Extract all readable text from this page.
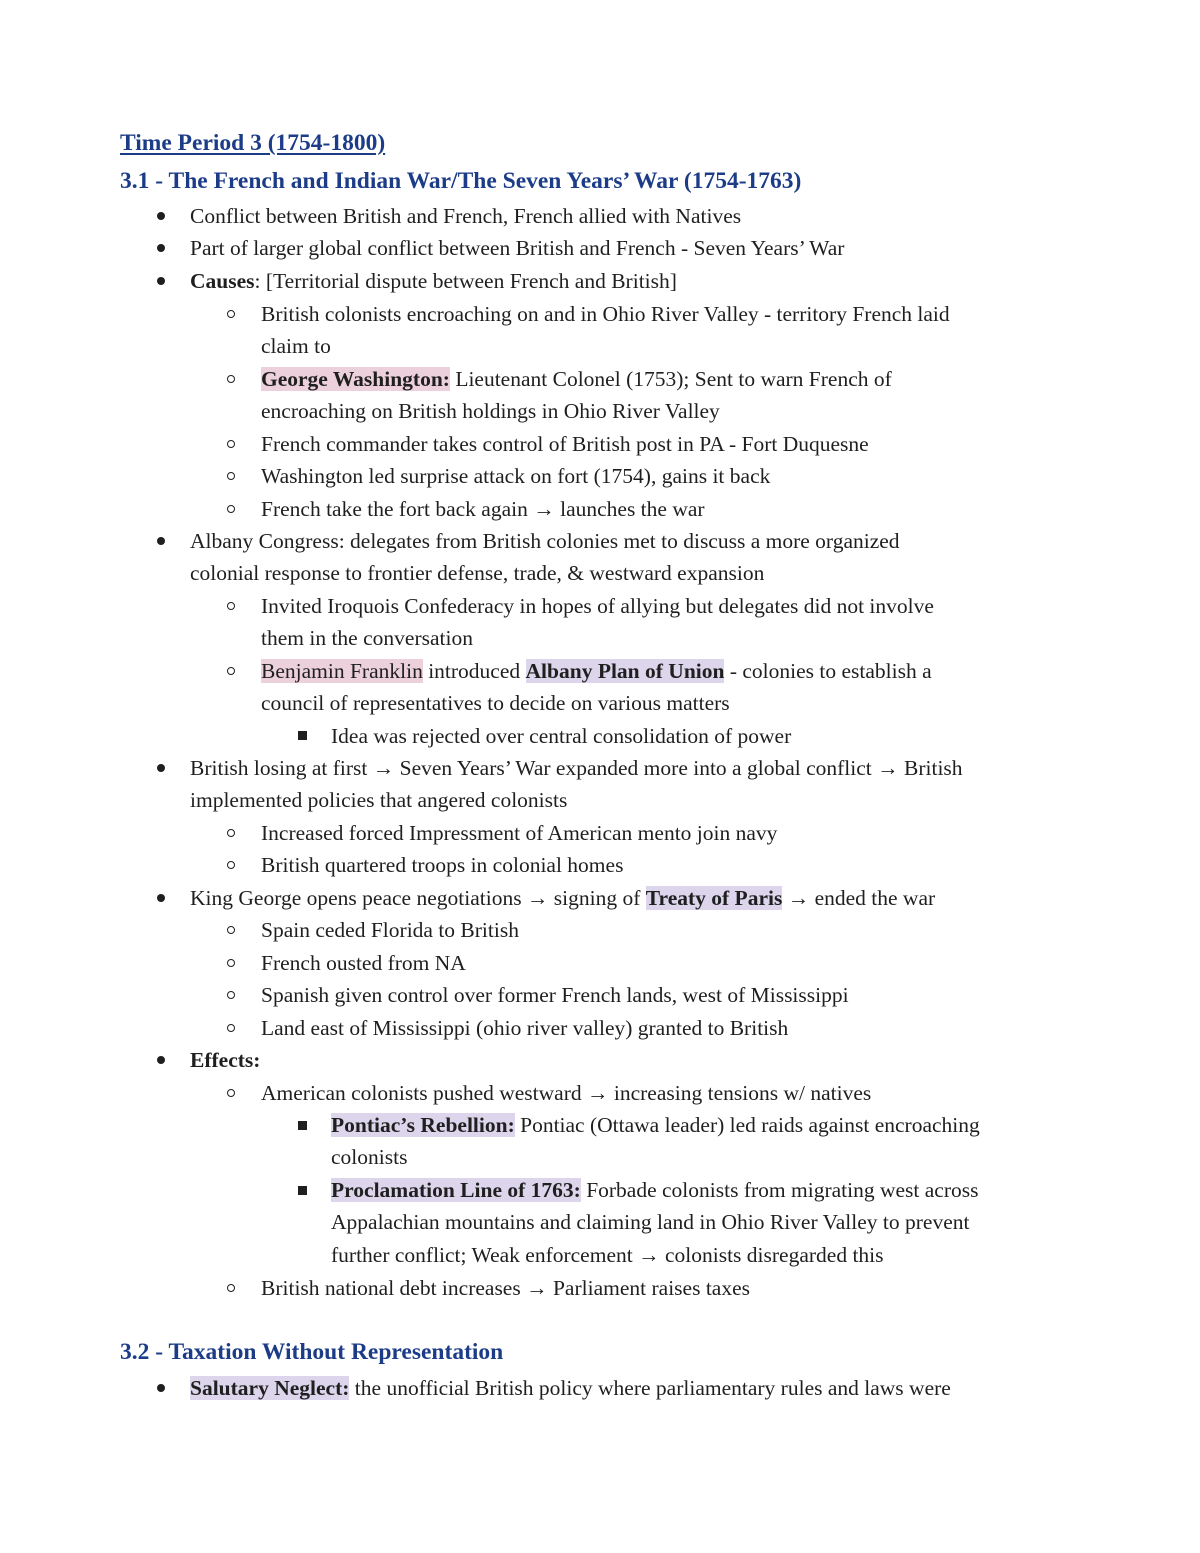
Time Period 3 (1754-1800)
3.1 - The French and Indian War/The Seven Years’ War (1754-1763)
Conflict between British and French, French allied with Natives
Part of larger global conflict between British and French - Seven Years’ War
Causes: [Territorial dispute between French and British]
British colonists encroaching on and in Ohio River Valley - territory French laid
claim to
George Washington: Lieutenant Colonel (1753); Sent to warn French of
encroaching on British holdings in Ohio River Valley
French commander takes control of British post in PA - Fort Duquesne
Washington led surprise attack on fort (1754), gains it back
French take the fort back again → launches the war
Albany Congress: delegates from British colonies met to discuss a more organized
colonial response to frontier defense, trade, & westward expansion
Invited Iroquois Confederacy in hopes of allying but delegates did not involve
them in the conversation
Benjamin Franklin introduced Albany Plan of Union - colonies to establish a
council of representatives to decide on various matters
Idea was rejected over central consolidation of power
British losing at first → Seven Years’ War expanded more into a global conflict → British
implemented policies that angered colonists
Increased forced Impressment of American mento join navy
British quartered troops in colonial homes
King George opens peace negotiations → signing of Treaty of Paris → ended the war
Spain ceded Florida to British
French ousted from NA
Spanish given control over former French lands, west of Mississippi
Land east of Mississippi (ohio river valley) granted to British
Effects:
American colonists pushed westward → increasing tensions w/ natives
Pontiac’s Rebellion: Pontiac (Ottawa leader) led raids against encroaching
colonists
Proclamation Line of 1763: Forbade colonists from migrating west across
Appalachian mountains and claiming land in Ohio River Valley to prevent
further conflict; Weak enforcement → colonists disregarded this
British national debt increases → Parliament raises taxes
3.2 - Taxation Without Representation
Salutary Neglect: the unofficial British policy where parliamentary rules and laws were
